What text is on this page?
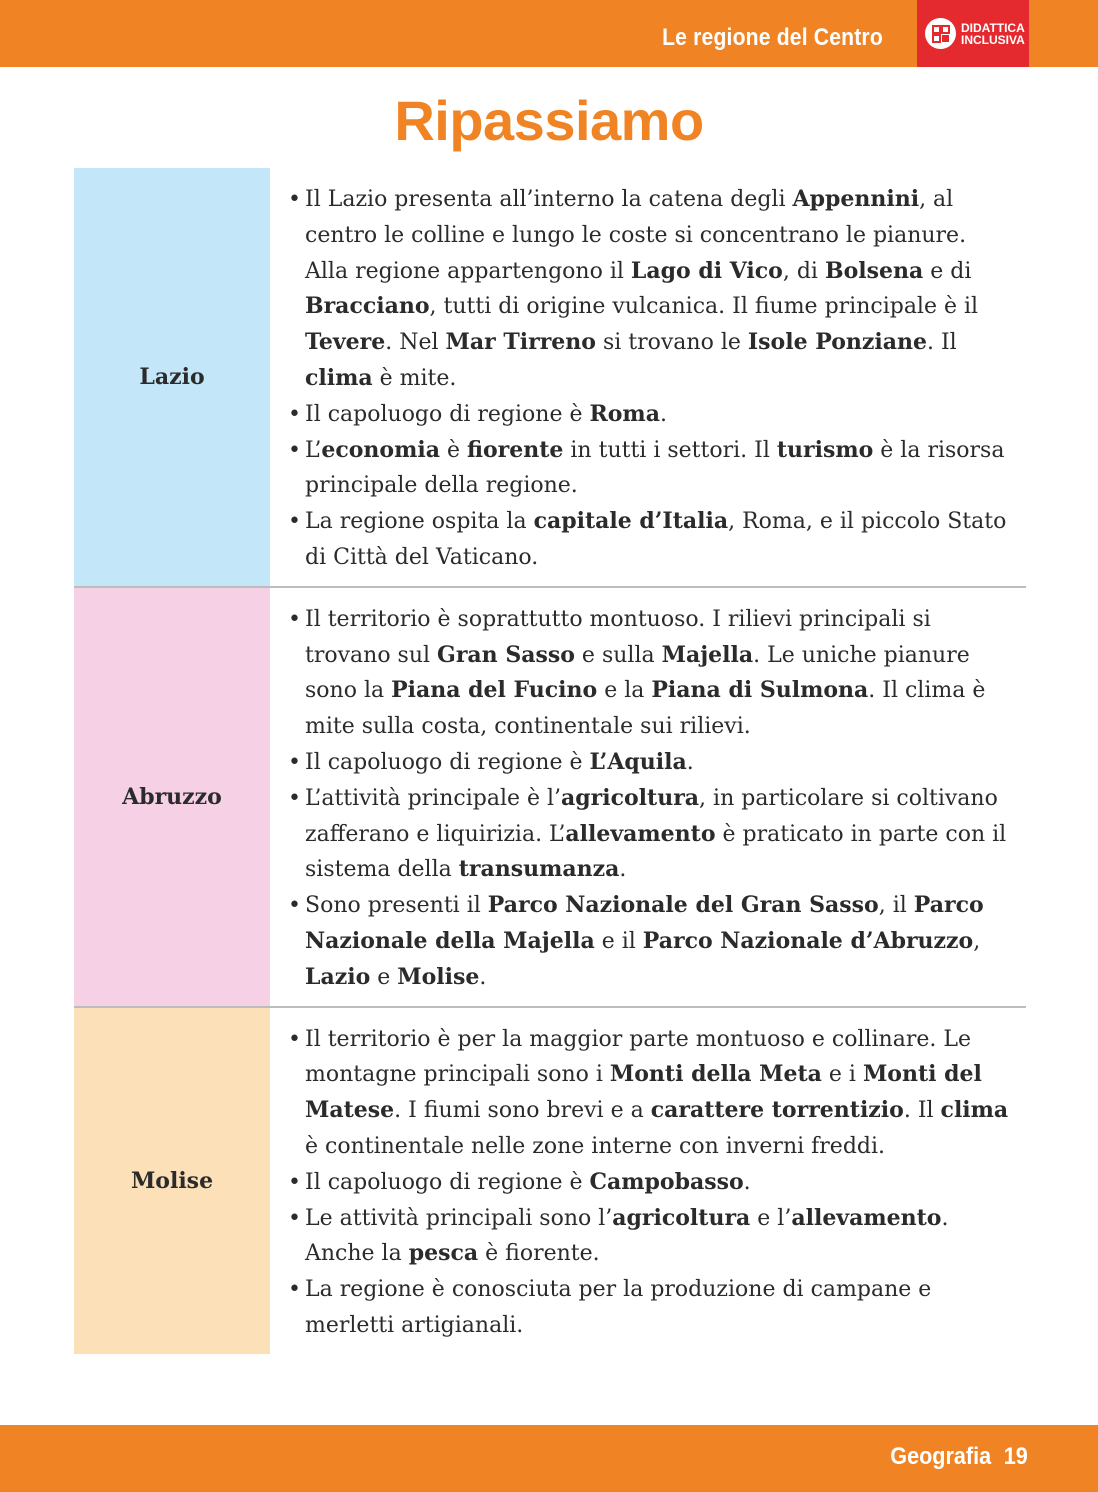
Le regione del Centro	DIDATTICA
INCLUSIVA
Ripassiamo
Lazio
• Il Lazio presenta all’interno la catena degli Appennini, al centro le colline e lungo le coste si concentrano le pianure. Alla regione appartengono il Lago di Vico, di Bolsena e di Bracciano, tutti di origine vulcanica. Il fiume principale è il Tevere. Nel Mar Tirreno si trovano le Isole Ponziane. Il clima è mite.
• Il capoluogo di regione è Roma.
• L’economia è fiorente in tutti i settori. Il turismo è la risorsa principale della regione.
• La regione ospita la capitale d’Italia, Roma, e il piccolo Stato di Città del Vaticano.
Abruzzo
• Il territorio è soprattutto montuoso. I rilievi principali si trovano sul Gran Sasso e sulla Majella. Le uniche pianure sono la Piana del Fucino e la Piana di Sulmona. Il clima è mite sulla costa, continentale sui rilievi.
• Il capoluogo di regione è L’Aquila.
• L’attività principale è l’agricoltura, in particolare si coltivano zafferano e liquirizia. L’allevamento è praticato in parte con il sistema della transumanza.
• Sono presenti il Parco Nazionale del Gran Sasso, il Parco Nazionale della Majella e il Parco Nazionale d’Abruzzo, Lazio e Molise.
Molise
• Il territorio è per la maggior parte montuoso e collinare. Le montagne principali sono i Monti della Meta e i Monti del Matese. I fiumi sono brevi e a carattere torrentizio. Il clima è continentale nelle zone interne con inverni freddi.
• Il capoluogo di regione è Campobasso.
• Le attività principali sono l’agricoltura e l’allevamento. Anche la pesca è fiorente.
• La regione è conosciuta per la produzione di campane e merletti artigianali.
Geografia 19
